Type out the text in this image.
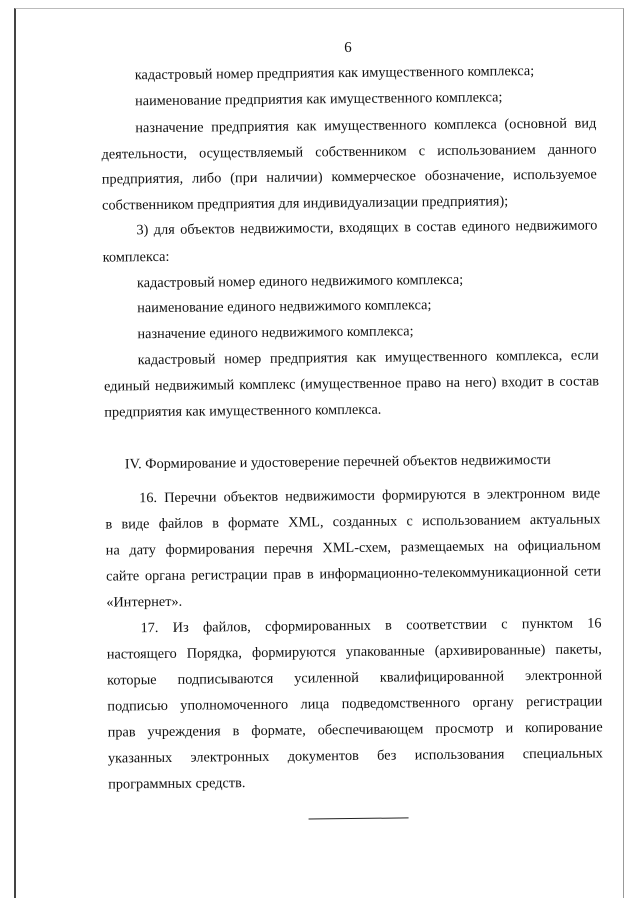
6
кадастровый номер предприятия как имущественного комплекса;
наименование предприятия как имущественного комплекса;
назначение предприятия как имущественного комплекса (основной вид
деятельности, осуществляемый собственником с использованием данного
предприятия, либо (при наличии) коммерческое обозначение, используемое
собственником предприятия для индивидуализации предприятия);
3) для объектов недвижимости, входящих в состав единого недвижимого
комплекса:
кадастровый номер единого недвижимого комплекса;
наименование единого недвижимого комплекса;
назначение единого недвижимого комплекса;
кадастровый номер предприятия как имущественного комплекса, если
единый недвижимый комплекс (имущественное право на него) входит в состав
предприятия как имущественного комплекса.
IV. Формирование и удостоверение перечней объектов недвижимости
16. Перечни объектов недвижимости формируются в электронном виде
в виде файлов в формате XML, созданных с использованием актуальных
на дату формирования перечня XML-схем, размещаемых на официальном
сайте органа регистрации прав в информационно-телекоммуникационной сети
«Интернет».
17. Из файлов, сформированных в соответствии с пунктом 16
настоящего Порядка, формируются упакованные (архивированные) пакеты,
которые подписываются усиленной квалифицированной электронной
подписью уполномоченного лица подведомственного органу регистрации
прав учреждения в формате, обеспечивающем просмотр и копирование
указанных электронных документов без использования специальных
программных средств.
